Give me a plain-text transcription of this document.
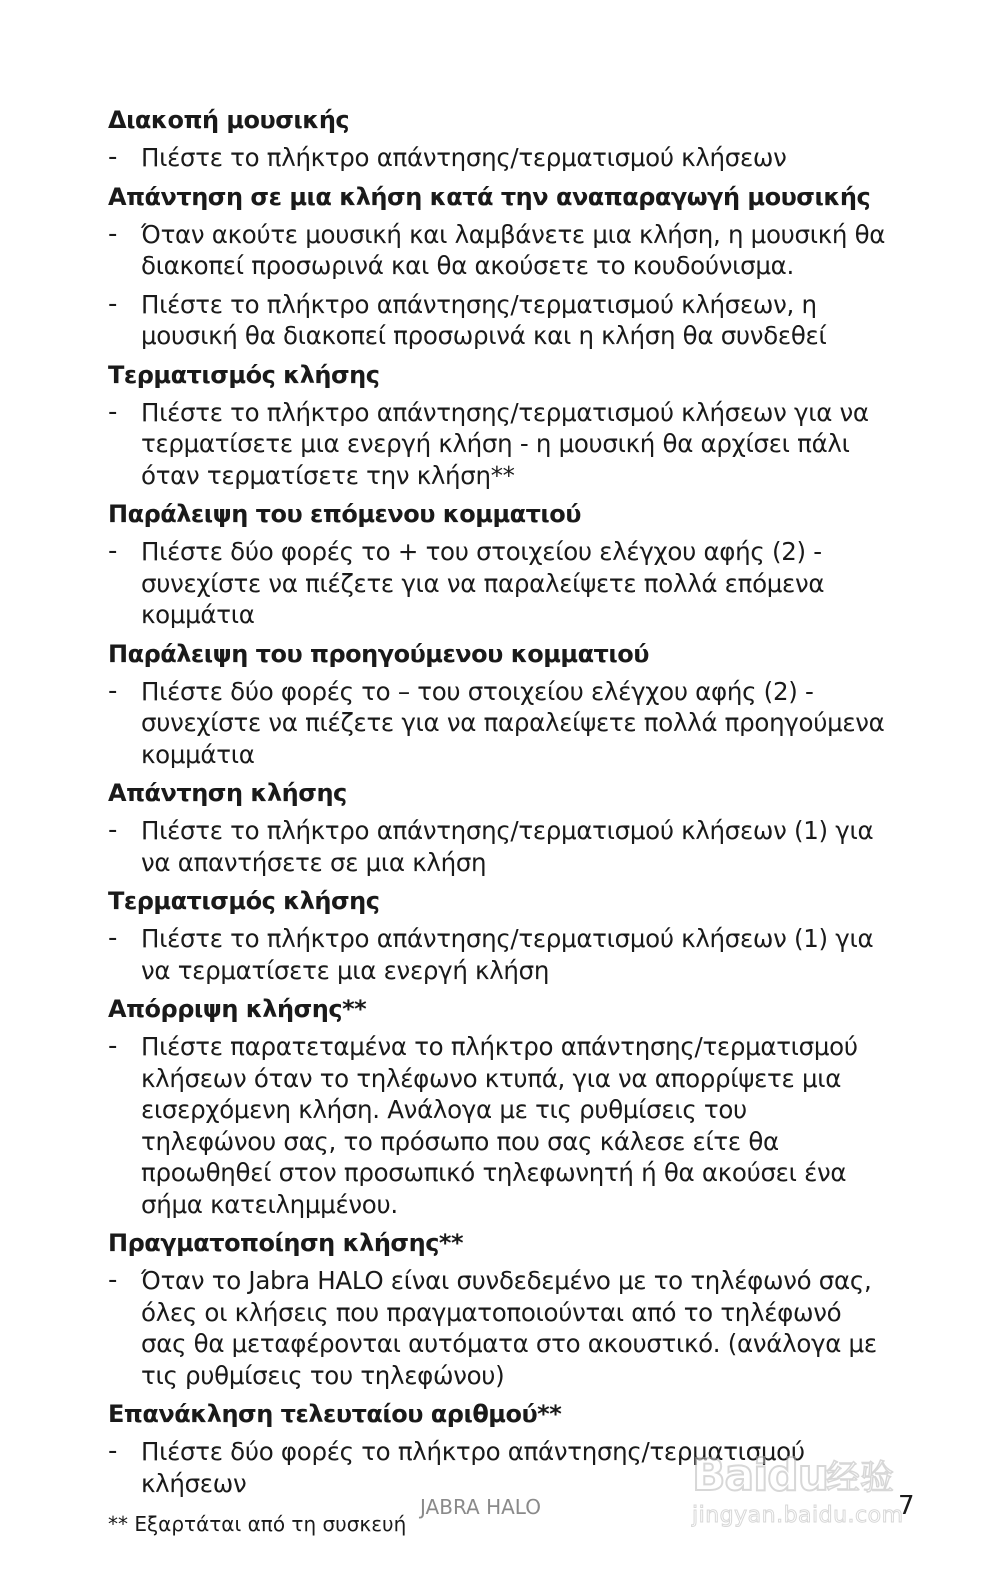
Διακοπή μουσικής
- Πιέστε το πλήκτρο απάντησης/τερματισμού κλήσεων
Απάντηση σε μια κλήση κατά την αναπαραγωγή μουσικής
- Όταν ακούτε μουσική και λαμβάνετε μια κλήση, η μουσική θα διακοπεί προσωρινά και θα ακούσετε το κουδούνισμα.
- Πιέστε το πλήκτρο απάντησης/τερματισμού κλήσεων, η μουσική θα διακοπεί προσωρινά και η κλήση θα συνδεθεί
Τερματισμός κλήσης
- Πιέστε το πλήκτρο απάντησης/τερματισμού κλήσεων για να τερματίσετε μια ενεργή κλήση - η μουσική θα αρχίσει πάλι όταν τερματίσετε την κλήση**
Παράλειψη του επόμενου κομματιού
- Πιέστε δύο φορές το + του στοιχείου ελέγχου αφής (2) - συνεχίστε να πιέζετε για να παραλείψετε πολλά επόμενα κομμάτια
Παράλειψη του προηγούμενου κομματιού
- Πιέστε δύο φορές το – του στοιχείου ελέγχου αφής (2) - συνεχίστε να πιέζετε για να παραλείψετε πολλά προηγούμενα κομμάτια
Απάντηση κλήσης
- Πιέστε το πλήκτρο απάντησης/τερματισμού κλήσεων (1) για να απαντήσετε σε μια κλήση
Τερματισμός κλήσης
- Πιέστε το πλήκτρο απάντησης/τερματισμού κλήσεων (1) για να τερματίσετε μια ενεργή κλήση
Απόρριψη κλήσης**
- Πιέστε παρατεταμένα το πλήκτρο απάντησης/τερματισμού κλήσεων όταν το τηλέφωνο κτυπά, για να απορρίψετε μια εισερχόμενη κλήση. Ανάλογα με τις ρυθμίσεις του τηλεφώνου σας, το πρόσωπο που σας κάλεσε είτε θα προωθηθεί στον προσωπικό τηλεφωνητή ή θα ακούσει ένα σήμα κατειλημμένου.
Πραγματοποίηση κλήσης**
- Όταν το Jabra HALO είναι συνδεδεμένο με το τηλέφωνό σας, όλες οι κλήσεις που πραγματοποιούνται από το τηλέφωνό σας θα μεταφέρονται αυτόματα στο ακουστικό. (ανάλογα με τις ρυθμίσεις του τηλεφώνου)
Επανάκληση τελευταίου αριθμού**
- Πιέστε δύο φορές το πλήκτρο απάντησης/τερματισμού κλήσεων
** Εξαρτάται από τη συσκευή
JABRA HALO	7
Baidu
经验
jingyan.baidu.com
